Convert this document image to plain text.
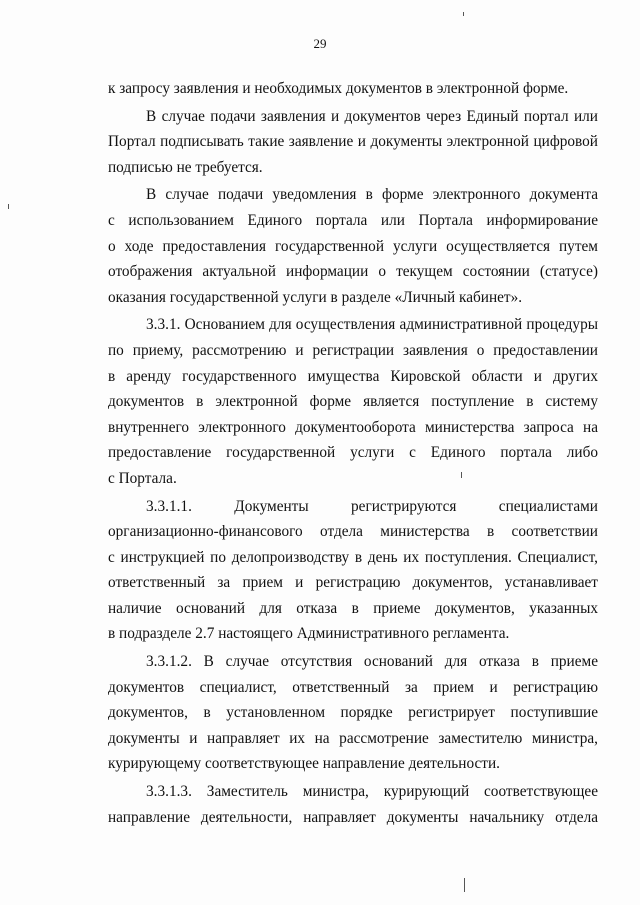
29
к запросу заявления и необходимых документов в электронной форме.
В случае подачи заявления и документов через Единый портал или
Портал подписывать такие заявление и документы электронной цифровой
подписью не требуется.
В случае подачи уведомления в форме электронного документа
с использованием Единого портала или Портала информирование
о ходе предоставления государственной услуги осуществляется путем
отображения актуальной информации о текущем состоянии (статусе)
оказания государственной услуги в разделе «Личный кабинет».
3.3.1. Основанием для осуществления административной процедуры
по приему, рассмотрению и регистрации заявления о предоставлении
в аренду государственного имущества Кировской области и других
документов в электронной форме является поступление в систему
внутреннего электронного документооборота министерства запроса на
предоставление государственной услуги с Единого портала либо
с Портала.
3.3.1.1. Документы регистрируются специалистами
организационно-финансового отдела министерства в соответствии
с инструкцией по делопроизводству в день их поступления. Специалист,
ответственный за прием и регистрацию документов, устанавливает
наличие оснований для отказа в приеме документов, указанных
в подразделе 2.7 настоящего Административного регламента.
3.3.1.2. В случае отсутствия оснований для отказа в приеме
документов специалист, ответственный за прием и регистрацию
документов, в установленном порядке регистрирует поступившие
документы и направляет их на рассмотрение заместителю министра,
курирующему соответствующее направление деятельности.
3.3.1.3. Заместитель министра, курирующий соответствующее
направление деятельности, направляет документы начальнику отдела
